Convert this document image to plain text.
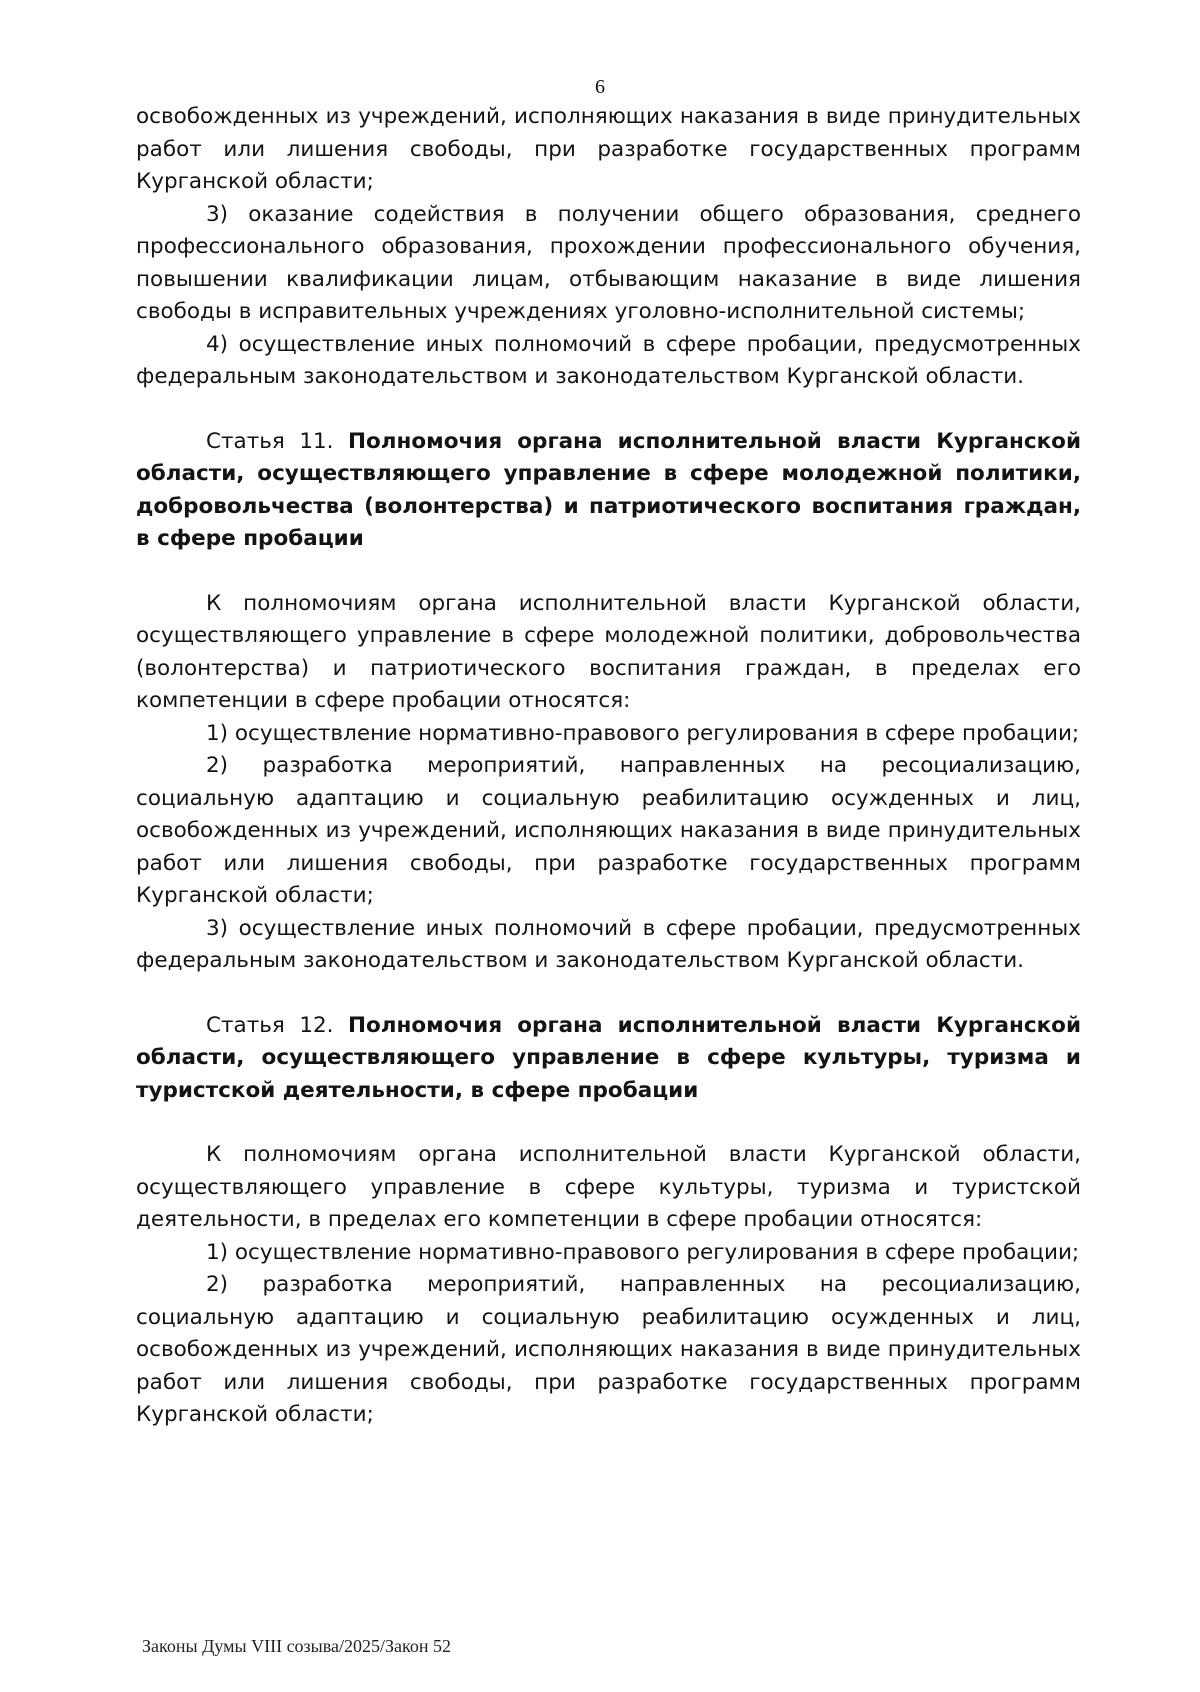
6

освобожденных из учреждений, исполняющих наказания в виде принудительных работ или лишения свободы, при разработке государственных программ Курганской области;

3) оказание содействия в получении общего образования, среднего профессионального образования, прохождении профессионального обучения, повышении квалификации лицам, отбывающим наказание в виде лишения свободы в исправительных учреждениях уголовно-исполнительной системы;

4) осуществление иных полномочий в сфере пробации, предусмотренных федеральным законодательством и законодательством Курганской области.

Статья 11. Полномочия органа исполнительной власти Курганской области, осуществляющего управление в сфере молодежной политики, добровольчества (волонтерства) и патриотического воспитания граждан, в сфере пробации

К полномочиям органа исполнительной власти Курганской области, осуществляющего управление в сфере молодежной политики, добровольчества (волонтерства) и патриотического воспитания граждан, в пределах его компетенции в сфере пробации относятся:

1) осуществление нормативно-правового регулирования в сфере пробации;

2) разработка мероприятий, направленных на ресоциализацию, социальную адаптацию и социальную реабилитацию осужденных и лиц, освобожденных из учреждений, исполняющих наказания в виде принудительных работ или лишения свободы, при разработке государственных программ Курганской области;

3) осуществление иных полномочий в сфере пробации, предусмотренных федеральным законодательством и законодательством Курганской области.

Статья 12. Полномочия органа исполнительной власти Курганской области, осуществляющего управление в сфере культуры, туризма и туристской деятельности, в сфере пробации

К полномочиям органа исполнительной власти Курганской области, осуществляющего управление в сфере культуры, туризма и туристской деятельности, в пределах его компетенции в сфере пробации относятся:

1) осуществление нормативно-правового регулирования в сфере пробации;

2) разработка мероприятий, направленных на ресоциализацию, социальную адаптацию и социальную реабилитацию осужденных и лиц, освобожденных из учреждений, исполняющих наказания в виде принудительных работ или лишения свободы, при разработке государственных программ Курганской области;

Законы Думы VIII созыва/2025/Закон 52
